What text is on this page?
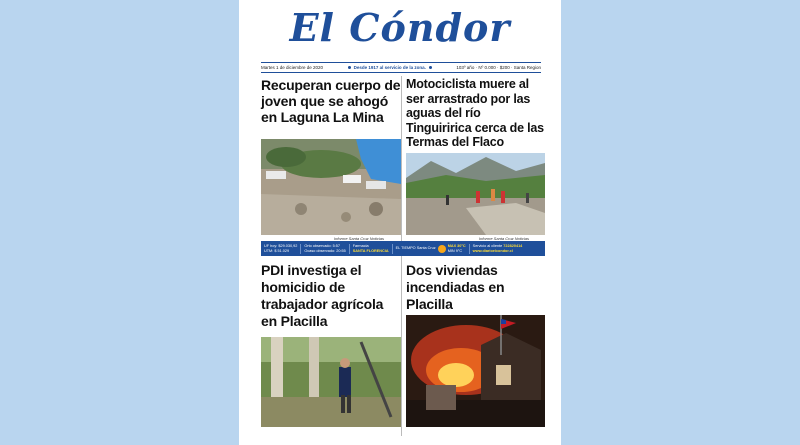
El Cóndor
Martes 1 de diciembre de 2020	Desde 1917 al servicio de la zona.	103º año · Nº 0.000 · $200 · Santa Region
Recuperan cuerpo de joven que se ahogó en Laguna La Mina
Informe Santa Cruz Noticias
Motociclista muere al ser arrastrado por las aguas del río Tinguiririca cerca de las Termas del Flaco
Informe Santa Cruz Noticias
UF hoy: $29.030,92
UTM: $ 51.029
Orto observado: 5:57
Ocaso observado: 20:55
Farmacia
SANTA FLORENCIA
EL TIEMPO Santa Cruz
MAX 30°C
MIN 9°C
Servicio al cliente 722820414
www.diarioelcondor.cl
PDI investiga el homicidio de trabajador agrícola en Placilla
Dos viviendas incendiadas en Placilla
